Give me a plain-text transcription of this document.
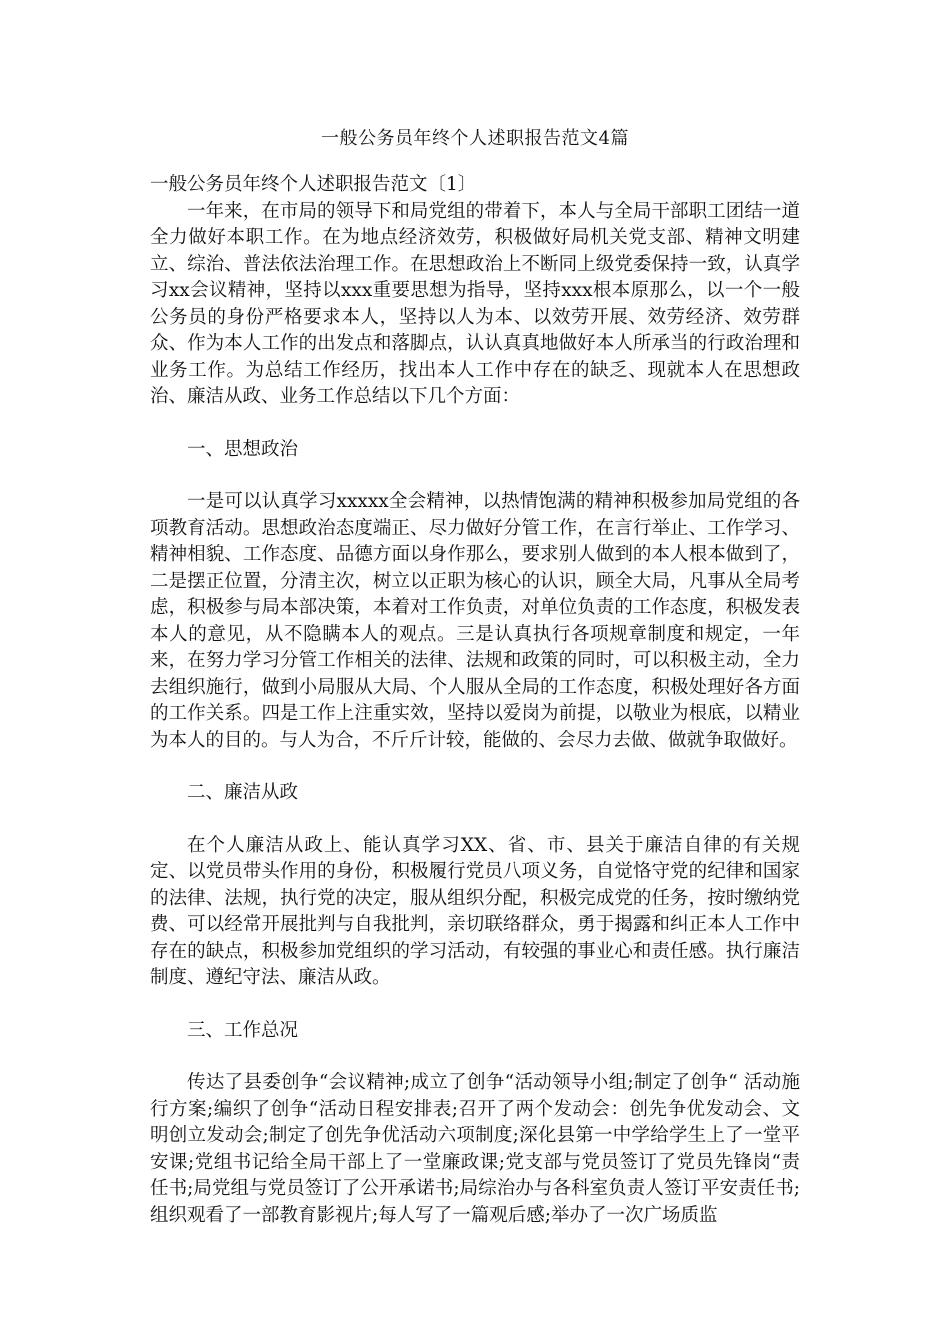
一般公务员年终个人述职报告范文4篇

一般公务员年终个人述职报告范文〔1〕

一年来，在市局的领导下和局党组的带着下，本人与全局干部职工团结一道全力做好本职工作。在为地点经济效劳，积极做好局机关党支部、精神文明建立、综治、普法依法治理工作。在思想政治上不断同上级党委保持一致，认真学习xx会议精神，坚持以xxx重要思想为指导，坚持xxx根本原那么，以一个一般公务员的身份严格要求本人，坚持以人为本、以效劳开展、效劳经济、效劳群众、作为本人工作的出发点和落脚点，认认真真地做好本人所承当的行政治理和业务工作。为总结工作经历，找出本人工作中存在的缺乏、现就本人在思想政治、廉洁从政、业务工作总结以下几个方面：

一、思想政治

一是可以认真学习xxxxx全会精神，以热情饱满的精神积极参加局党组的各项教育活动。思想政治态度端正、尽力做好分管工作，在言行举止、工作学习、精神相貌、工作态度、品德方面以身作那么，要求别人做到的本人根本做到了，二是摆正位置，分清主次，树立以正职为核心的认识，顾全大局，凡事从全局考虑，积极参与局本部决策，本着对工作负责，对单位负责的工作态度，积极发表本人的意见，从不隐瞒本人的观点。三是认真执行各项规章制度和规定，一年来，在努力学习分管工作相关的法律、法规和政策的同时，可以积极主动，全力去组织施行，做到小局服从大局、个人服从全局的工作态度，积极处理好各方面的工作关系。四是工作上注重实效，坚持以爱岗为前提，以敬业为根底，以精业为本人的目的。与人为合，不斤斤计较，能做的、会尽力去做、做就争取做好。

二、廉洁从政

在个人廉洁从政上、能认真学习XX、省、市、县关于廉洁自律的有关规定、以党员带头作用的身份，积极履行党员八项义务，自觉恪守党的纪律和国家的法律、法规，执行党的决定，服从组织分配，积极完成党的任务，按时缴纳党费、可以经常开展批判与自我批判，亲切联络群众，勇于揭露和纠正本人工作中存在的缺点，积极参加党组织的学习活动，有较强的事业心和责任感。执行廉洁制度、遵纪守法、廉洁从政。

三、工作总况

传达了县委创争“会议精神;成立了创争“活动领导小组;制定了创争“ 活动施行方案;编织了创争“活动日程安排表;召开了两个发动会：创先争优发动会、文明创立发动会;制定了创先争优活动六项制度;深化县第一中学给学生上了一堂平安课;党组书记给全局干部上了一堂廉政课;党支部与党员签订了党员先锋岗“责任书;局党组与党员签订了公开承诺书;局综治办与各科室负责人签订平安责任书;组织观看了一部教育影视片;每人写了一篇观后感;举办了一次广场质监
